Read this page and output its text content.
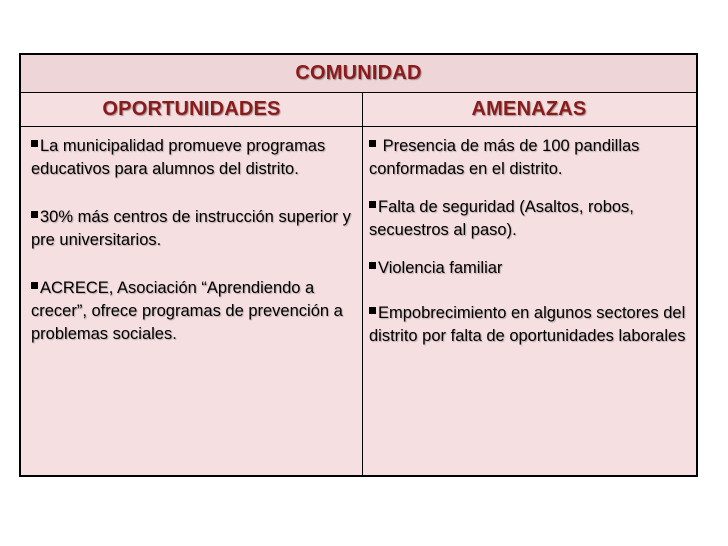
COMUNIDAD
OPORTUNIDADES	AMENAZAS
La municipalidad promueve programas educativos para alumnos del distrito.
30% más centros de instrucción superior y pre universitarios.
ACRECE, Asociación “Aprendiendo a crecer”, ofrece programas de prevención a problemas sociales.
Presencia de más de 100 pandillas conformadas en el distrito.
Falta de seguridad (Asaltos, robos, secuestros al paso).
Violencia familiar
Empobrecimiento en algunos sectores del distrito por falta de oportunidades laborales
